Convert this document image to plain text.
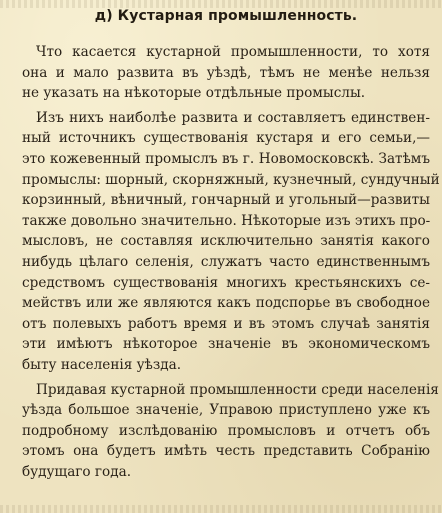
д) Кустарная промышленность.
Что касается кустарной промышленности, то хотя
она и мало развита въ уѣздѣ, тѣмъ не менѣе нельзя
не указать на нѣкоторые отдѣльные промыслы.
Изъ нихъ наиболѣе развита и составляетъ единствен-
ный источникъ существованія кустаря и его семьи,—
это кожевенный промыслъ въ г. Новомосковскѣ. Затѣмъ
промыслы: шорный, скорняжный, кузнечный, сундучный
корзинный, вѣничный, гончарный и угольный—развиты
также довольно значительно. Нѣкоторые изъ этихъ про-
мысловъ, не составляя исключительно занятія какого
нибудь цѣлаго селенія, служатъ часто единственнымъ
средствомъ существованія многихъ крестьянскихъ се-
мействъ или же являются какъ подспорье въ свободное
отъ полевыхъ работъ время и въ этомъ случаѣ занятія
эти имѣютъ нѣкоторое значеніе въ экономическомъ
быту населенія уѣзда.
Придавая кустарной промышленности среди населенія
уѣзда большое значеніе, Управою приступлено уже къ
подробному изслѣдованію промысловъ и отчетъ объ
этомъ она будетъ имѣть честь представить Собранію
будущаго года.
